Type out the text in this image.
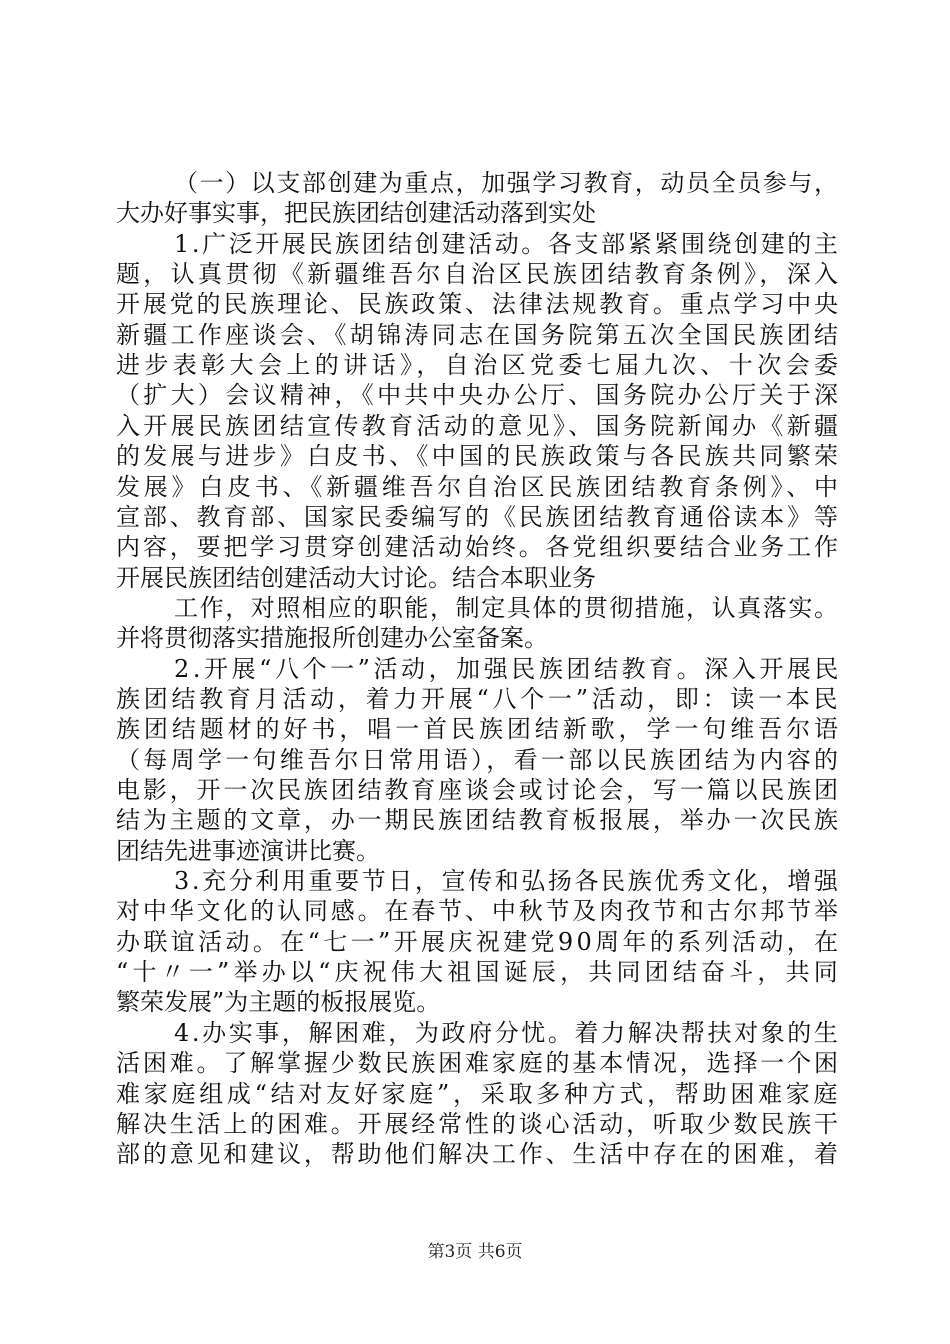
（一）以支部创建为重点，加强学习教育，动员全员参与，
大办好事实事，把民族团结创建活动落到实处
1.广泛开展民族团结创建活动。各支部紧紧围绕创建的主
题，认真贯彻《新疆维吾尔自治区民族团结教育条例》，深入
开展党的民族理论、民族政策、法律法规教育。重点学习中央
新疆工作座谈会、《胡锦涛同志在国务院第五次全国民族团结
进步表彰大会上的讲话》，自治区党委七届九次、十次会委
（扩大）会议精神，《中共中央办公厅、国务院办公厅关于深
入开展民族团结宣传教育活动的意见》、国务院新闻办《新疆
的发展与进步》白皮书、《中国的民族政策与各民族共同繁荣
发展》白皮书、《新疆维吾尔自治区民族团结教育条例》、中
宣部、教育部、国家民委编写的《民族团结教育通俗读本》等
内容，要把学习贯穿创建活动始终。各党组织要结合业务工作
开展民族团结创建活动大讨论。结合本职业务
工作，对照相应的职能，制定具体的贯彻措施，认真落实。
并将贯彻落实措施报所创建办公室备案。
2.开展“八个一”活动，加强民族团结教育。深入开展民
族团结教育月活动，着力开展“八个一”活动，即：读一本民
族团结题材的好书，唱一首民族团结新歌，学一句维吾尔语
（每周学一句维吾尔日常用语），看一部以民族团结为内容的
电影，开一次民族团结教育座谈会或讨论会，写一篇以民族团
结为主题的文章，办一期民族团结教育板报展，举办一次民族
团结先进事迹演讲比赛。
3.充分利用重要节日，宣传和弘扬各民族优秀文化，增强
对中华文化的认同感。在春节、中秋节及肉孜节和古尔邦节举
办联谊活动。在“七一”开展庆祝建党90周年的系列活动，在
“十〃一”举办以“庆祝伟大祖国诞辰，共同团结奋斗，共同
繁荣发展”为主题的板报展览。
4.办实事，解困难，为政府分忧。着力解决帮扶对象的生
活困难。了解掌握少数民族困难家庭的基本情况，选择一个困
难家庭组成“结对友好家庭”，采取多种方式，帮助困难家庭
解决生活上的困难。开展经常性的谈心活动，听取少数民族干
部的意见和建议，帮助他们解决工作、生活中存在的困难，着
第3页 共6页
